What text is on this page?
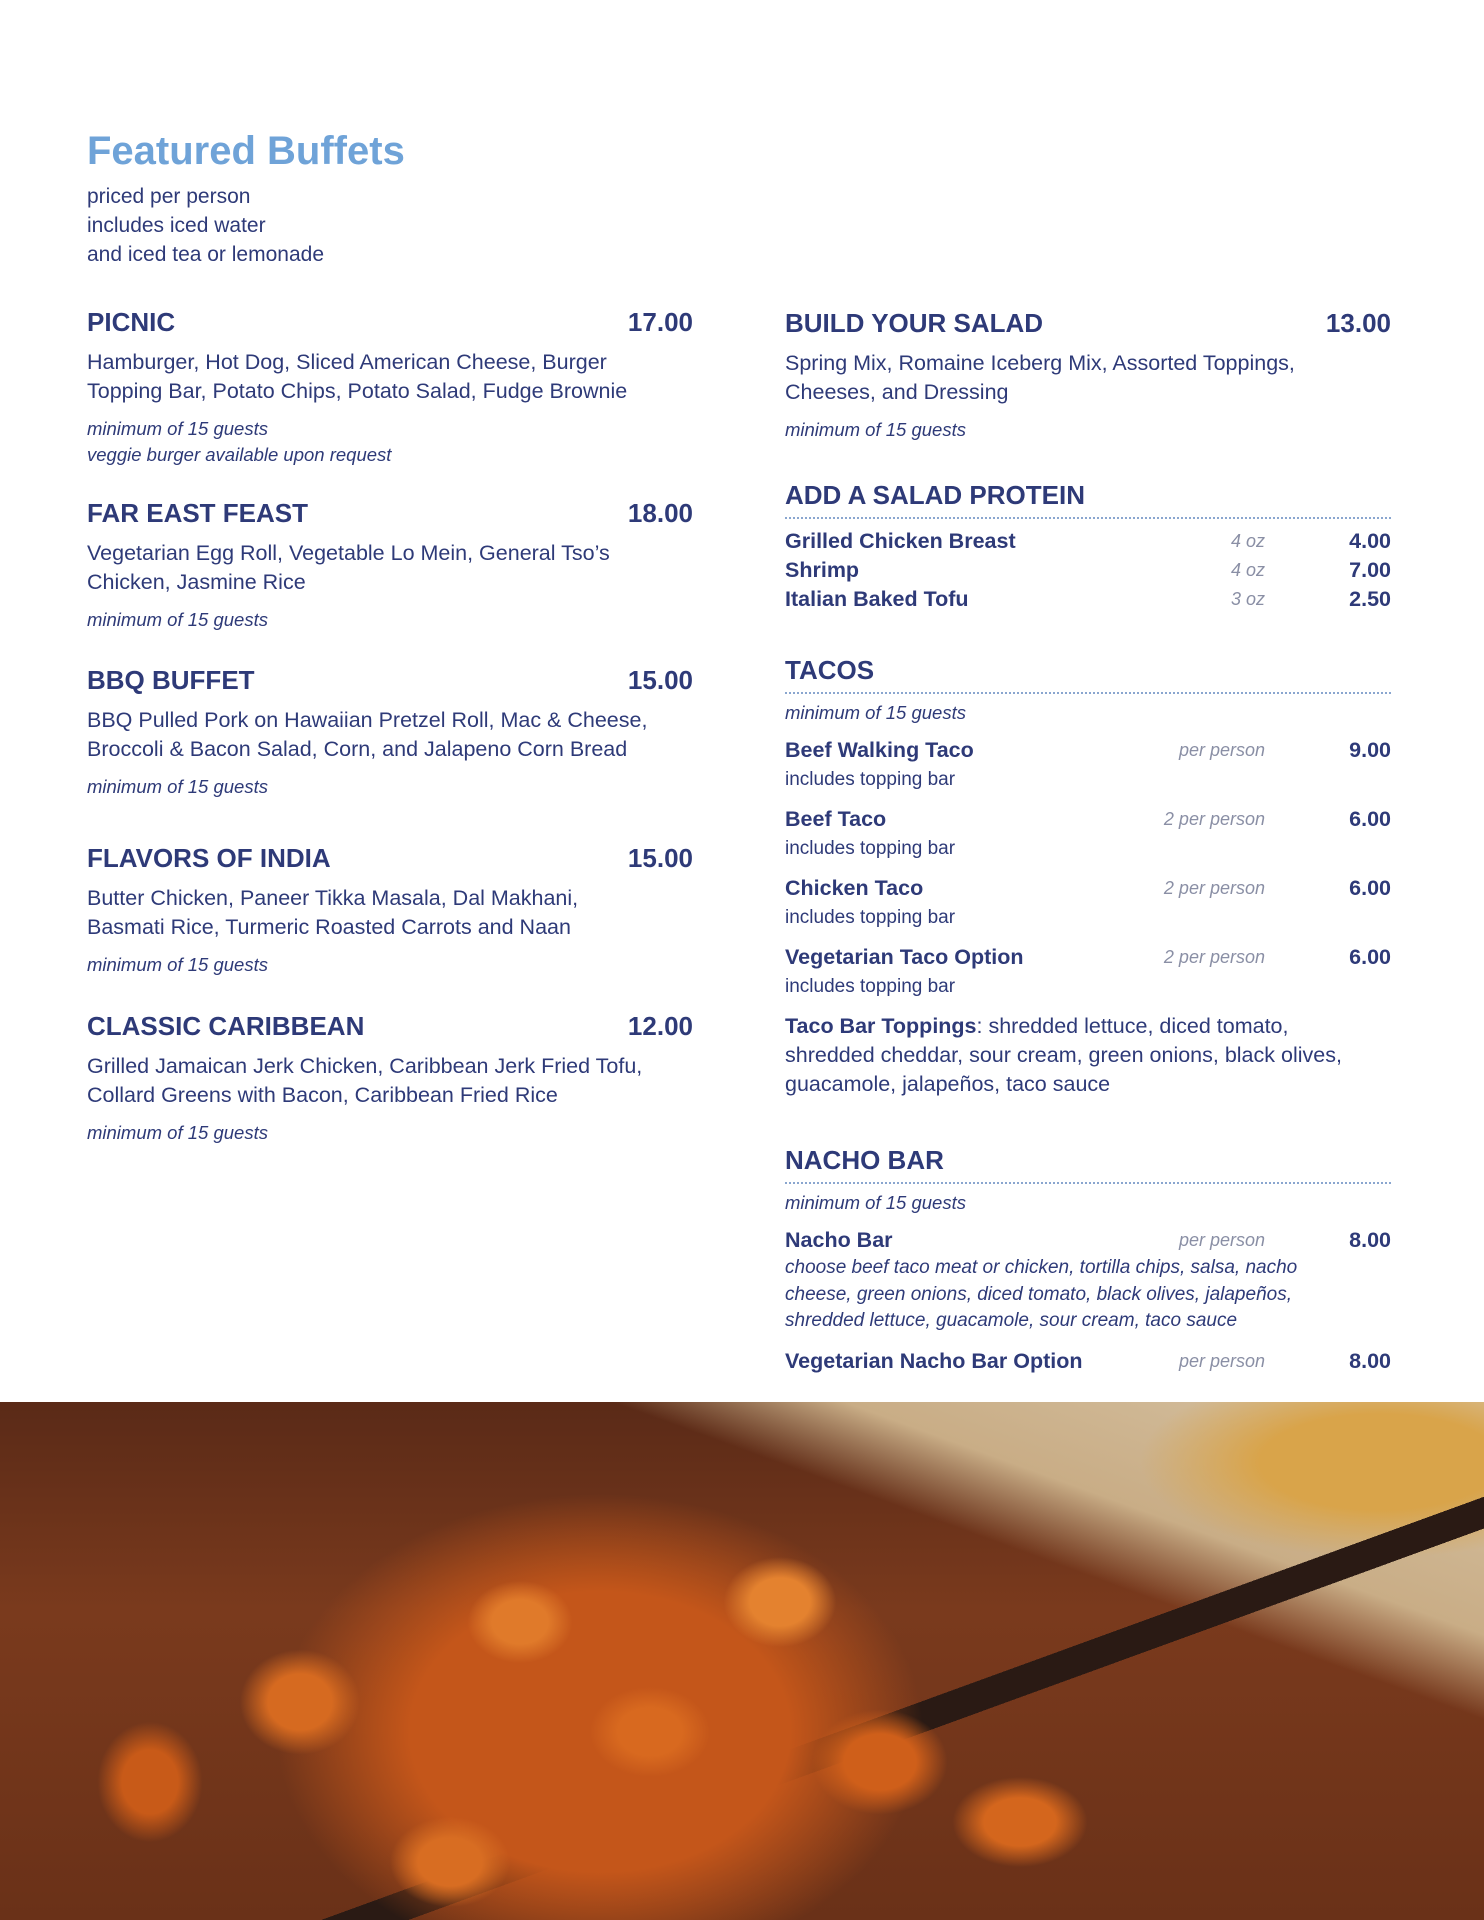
Featured Buffets
priced per person
includes iced water
and iced tea or lemonade
PICNIC	17.00
Hamburger, Hot Dog, Sliced American Cheese, Burger
Topping Bar, Potato Chips, Potato Salad, Fudge Brownie
minimum of 15 guests
veggie burger available upon request
FAR EAST FEAST	18.00
Vegetarian Egg Roll, Vegetable Lo Mein, General Tso’s
Chicken, Jasmine Rice
minimum of 15 guests
BBQ BUFFET	15.00
BBQ Pulled Pork on Hawaiian Pretzel Roll, Mac & Cheese,
Broccoli & Bacon Salad, Corn, and Jalapeno Corn Bread
minimum of 15 guests
FLAVORS OF INDIA	15.00
Butter Chicken, Paneer Tikka Masala, Dal Makhani,
Basmati Rice, Turmeric Roasted Carrots and Naan
minimum of 15 guests
CLASSIC CARIBBEAN	12.00
Grilled Jamaican Jerk Chicken, Caribbean Jerk Fried Tofu,
Collard Greens with Bacon, Caribbean Fried Rice
minimum of 15 guests
BUILD YOUR SALAD	13.00
Spring Mix, Romaine Iceberg Mix, Assorted Toppings,
Cheeses, and Dressing
minimum of 15 guests
ADD A SALAD PROTEIN
Grilled Chicken Breast	4 oz	4.00
Shrimp	4 oz	7.00
Italian Baked Tofu	3 oz	2.50
TACOS
minimum of 15 guests
Beef Walking Taco	per person	9.00
includes topping bar
Beef Taco	2 per person	6.00
includes topping bar
Chicken Taco	2 per person	6.00
includes topping bar
Vegetarian Taco Option	2 per person	6.00
includes topping bar
Taco Bar Toppings: shredded lettuce, diced tomato,
shredded cheddar, sour cream, green onions, black olives,
guacamole, jalapeños, taco sauce
NACHO BAR
minimum of 15 guests
Nacho Bar	per person	8.00
choose beef taco meat or chicken, tortilla chips, salsa, nacho
cheese, green onions, diced tomato, black olives, jalapeños,
shredded lettuce, guacamole, sour cream, taco sauce
Vegetarian Nacho Bar Option	per person	8.00
